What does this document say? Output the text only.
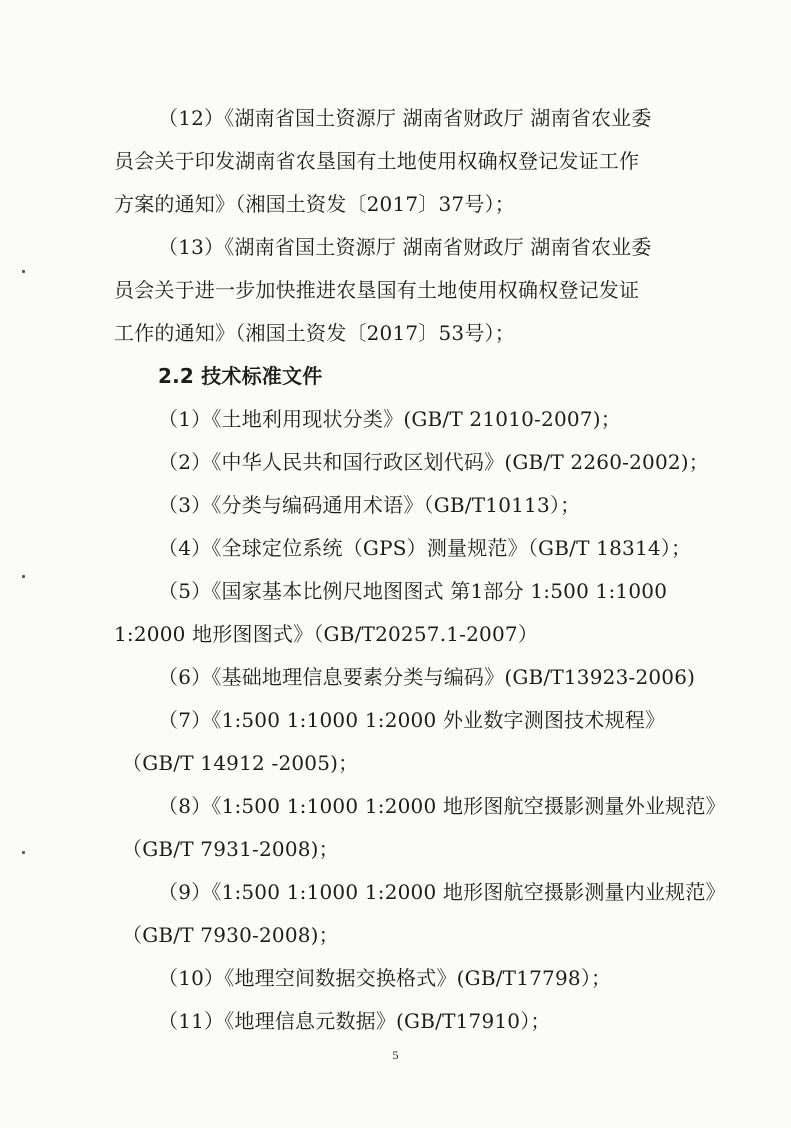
（12）《湖南省国土资源厅 湖南省财政厅 湖南省农业委
员会关于印发湖南省农垦国有土地使用权确权登记发证工作
方案的通知》（湘国土资发〔2017〕37号）；
（13）《湖南省国土资源厅 湖南省财政厅 湖南省农业委
员会关于进一步加快推进农垦国有土地使用权确权登记发证
工作的通知》（湘国土资发〔2017〕53号）；
2.2 技术标准文件
（1）《土地利用现状分类》(GB/T 21010-2007)；
（2）《中华人民共和国行政区划代码》(GB/T 2260-2002)；
（3）《分类与编码通用术语》（GB/T10113）；
（4）《全球定位系统（GPS）测量规范》（GB/T 18314）；
（5）《国家基本比例尺地图图式 第1部分 1:500 1:1000
1:2000 地形图图式》（GB/T20257.1-2007）
（6）《基础地理信息要素分类与编码》(GB/T13923-2006)
（7）《1:500 1:1000 1:2000 外业数字测图技术规程》
（GB/T 14912 -2005)；
（8）《1:500 1:1000 1:2000 地形图航空摄影测量外业规范》
（GB/T 7931-2008)；
（9）《1:500 1:1000 1:2000 地形图航空摄影测量内业规范》
（GB/T 7930-2008)；
（10）《地理空间数据交换格式》(GB/T17798）；
（11）《地理信息元数据》(GB/T17910）；
5
